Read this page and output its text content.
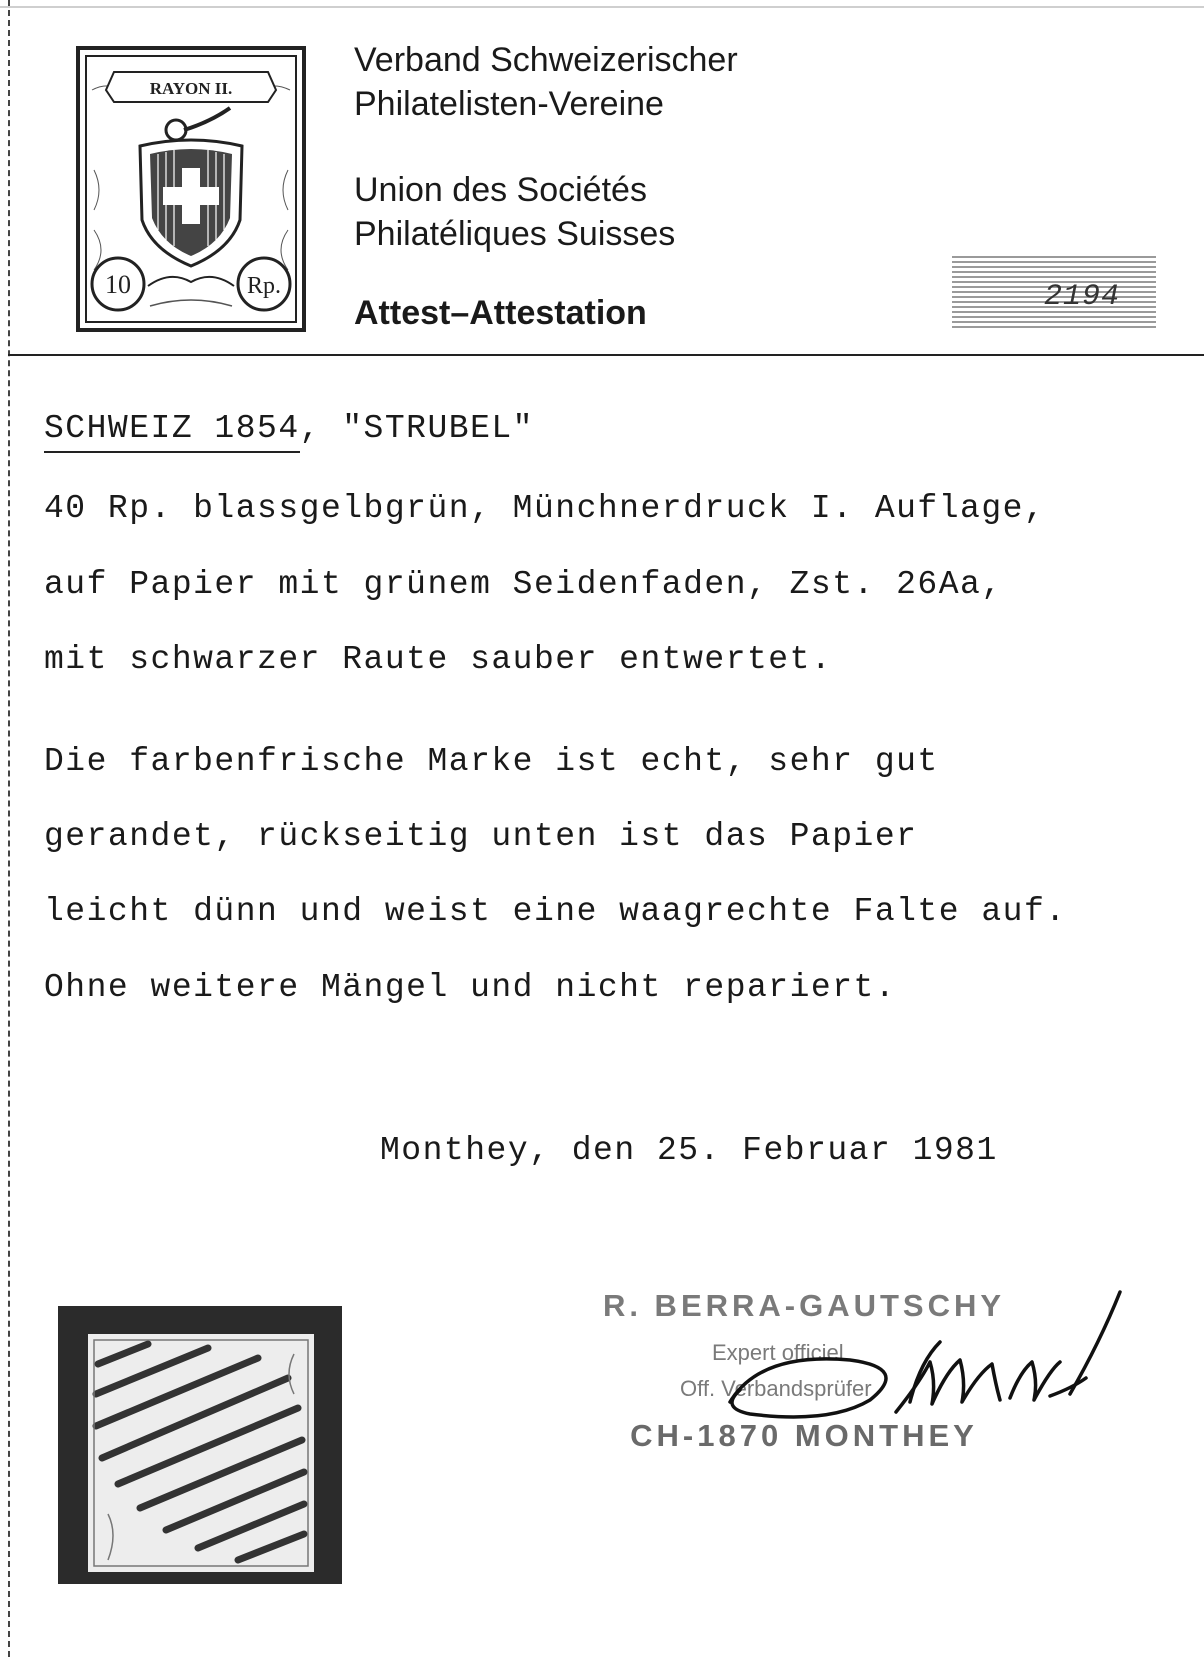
RAYON II.
10	Rp.
Verband Schweizerischer
Philatelisten-Vereine
Union des Sociétés
Philatéliques Suisses
Attest–Attestation	2194
SCHWEIZ 1854, "STRUBEL"
40 Rp. blassgelbgrün, Münchnerdruck I. Auflage,
auf Papier mit grünem Seidenfaden, Zst. 26Aa,
mit schwarzer Raute sauber entwertet.
Die farbenfrische Marke ist echt, sehr gut
gerandet, rückseitig unten ist das Papier
leicht dünn und weist eine waagrechte Falte auf.
Ohne weitere Mängel und nicht repariert.
Monthey, den 25. Februar 1981
R. BERRA-GAUTSCHY
Expert officiel
Off. Verbandsprüfer
CH-1870 MONTHEY
